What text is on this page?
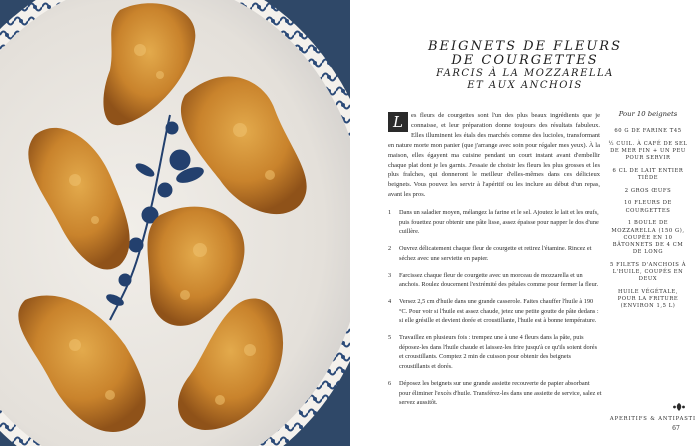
BEIGNETS DE FLEURS
DE COURGETTES
FARCIS À LA MOZZARELLA
ET AUX ANCHOIS
L	es fleurs de courgettes sont l'un des plus beaux ingrédients que je connaisse, et leur préparation donne toujours des résultats fabuleux. Elles illuminent les étals des marchés comme des lucioles, transformant en nature morte mon panier (que j'arrange avec soin pour régaler mes yeux). À la maison, elles égayent ma cuisine pendant un court instant avant d'embellir chaque plat dont je les garnis. J'essaie de choisir les fleurs les plus grosses et les plus fraîches, qui donneront le meilleur d'elles-mêmes dans ces délicieux beignets. Vous pouvez les servir à l'apéritif ou les inclure au début d'un repas, avant les pros.
1 Dans un saladier moyen, mélangez la farine et le sel. Ajoutez le lait et les œufs, puis fouettez pour obtenir une pâte lisse, assez épaisse pour napper le dos d'une cuillère.
2 Ouvrez délicatement chaque fleur de courgette et retirez l'étamine. Rincez et séchez avec une serviette en papier.
3 Farcissez chaque fleur de courgette avec un morceau de mozzarella et un anchois. Roulez doucement l'extrémité des pétales comme pour fermer la fleur.
4 Versez 2,5 cm d'huile dans une grande casserole. Faites chauffer l'huile à 190 °C. Pour voir si l'huile est assez chaude, jetez une petite goutte de pâte dedans : si elle grésille et devient dorée et croustillante, l'huile est à bonne température.
5 Travaillez en plusieurs fois : trempez une à une 4 fleurs dans la pâte, puis déposez-les dans l'huile chaude et laissez-les frire jusqu'à ce qu'ils soient dorés et croustillants. Comptez 2 min de cuisson pour obtenir des beignets croustillants et dorés.
6 Déposez les beignets sur une grande assiette recouverte de papier absorbant pour éliminer l'excès d'huile. Transférez-les dans une assiette de service, salez et servez aussitôt.
Pour 10 beignets
60 G DE FARINE T45
½ CUIL. À CAFÉ DE SEL DE MER FIN + UN PEU POUR SERVIR
6 CL DE LAIT ENTIER TIÈDE
2 GROS ŒUFS
10 FLEURS DE COURGETTES
1 BOULE DE MOZZARELLA (150 G), COUPÉE EN 10 BÂTONNETS DE 4 CM DE LONG
5 FILETS D'ANCHOIS À L'HUILE, COUPÉS EN DEUX
HUILE VÉGÉTALE, POUR LA FRITURE (ENVIRON 1,5 L)
APERITIFS & ANTIPASTI
67
